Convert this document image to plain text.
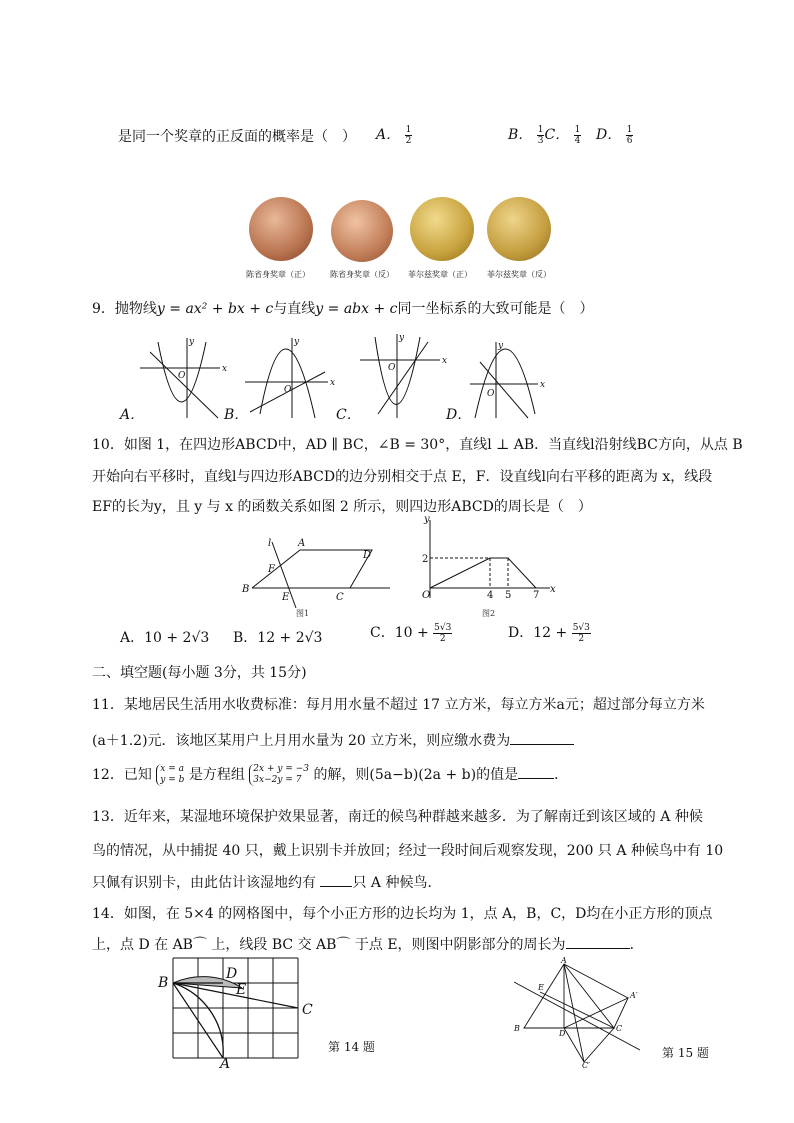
是同一个奖章的正反面的概率是（　） A． $\frac{1}{2}$	B． $\frac{1}{3}$ C． $\frac{1}{4}$ D． $\frac{1}{6}$
陈省身奖章（正）	陈省身奖章（反） 菲尔兹奖章（正） 菲尔兹奖章（反）
9．抛物线y = ax² + bx + c与直线y = abx + c同一坐标系的大致可能是（　）
x
y
O
x
y
O
x
y
O
x
y
O
A．	B．	C．	D．
10．如图 1，在四边形ABCD中，AD ∥ BC，∠B = 30°，直线l ⊥ AB．当直线l沿射线BC方向，从点 B
开始向右平移时，直线l与四边形ABCD的边分别相交于点 E，F．设直线l向右平移的距离为 x，线段
EF的长为y，且 y 与 x 的函数关系如图 2 所示，则四边形ABCD的周长是（　）
l	A
D
F
B
E	C
y
2
O	4 5 7
x
图1	图2
A．10 + 2√3 B．12 + 2√3	C．$10 + \frac{5√3}{2}$	D．$12 + \frac{5√3}{2}$
二、填空题(每小题 3分，共 15分)
11．某地居民生活用水收费标准：每月用水量不超过 17 立方米，每立方米a元；超过部分每立方米
(a＋1.2)元．该地区某用户上月用水量为 20 立方米，则应缴水费为
12．已知 x = a
y = b 是方程组 2x + y = −3
3x−2y = 7 的解，则(5a−b)(2a + b)的值是	．
13．近年来，某湿地环境保护效果显著，南迁的候鸟种群越来越多．为了解南迁到该区域的 A 种候
鸟的情况，从中捕捉 40 只，戴上识别卡并放回；经过一段时间后观察发现，200 只 A 种候鸟中有 10
只佩有识别卡，由此估计该湿地约有	只 A 种候鸟．
14．如图，在 5×4 的网格图中，每个小正方形的边长均为 1，点 A，B，C，D均在小正方形的顶点
上，点 D 在 AB⌒ 上，线段 BC 交 AB⌒ 于点 E，则图中阴影部分的周长为	．
B
D
E
C
A
第 14 题
A
E
A′
B
D
C
C′
第 15 题
